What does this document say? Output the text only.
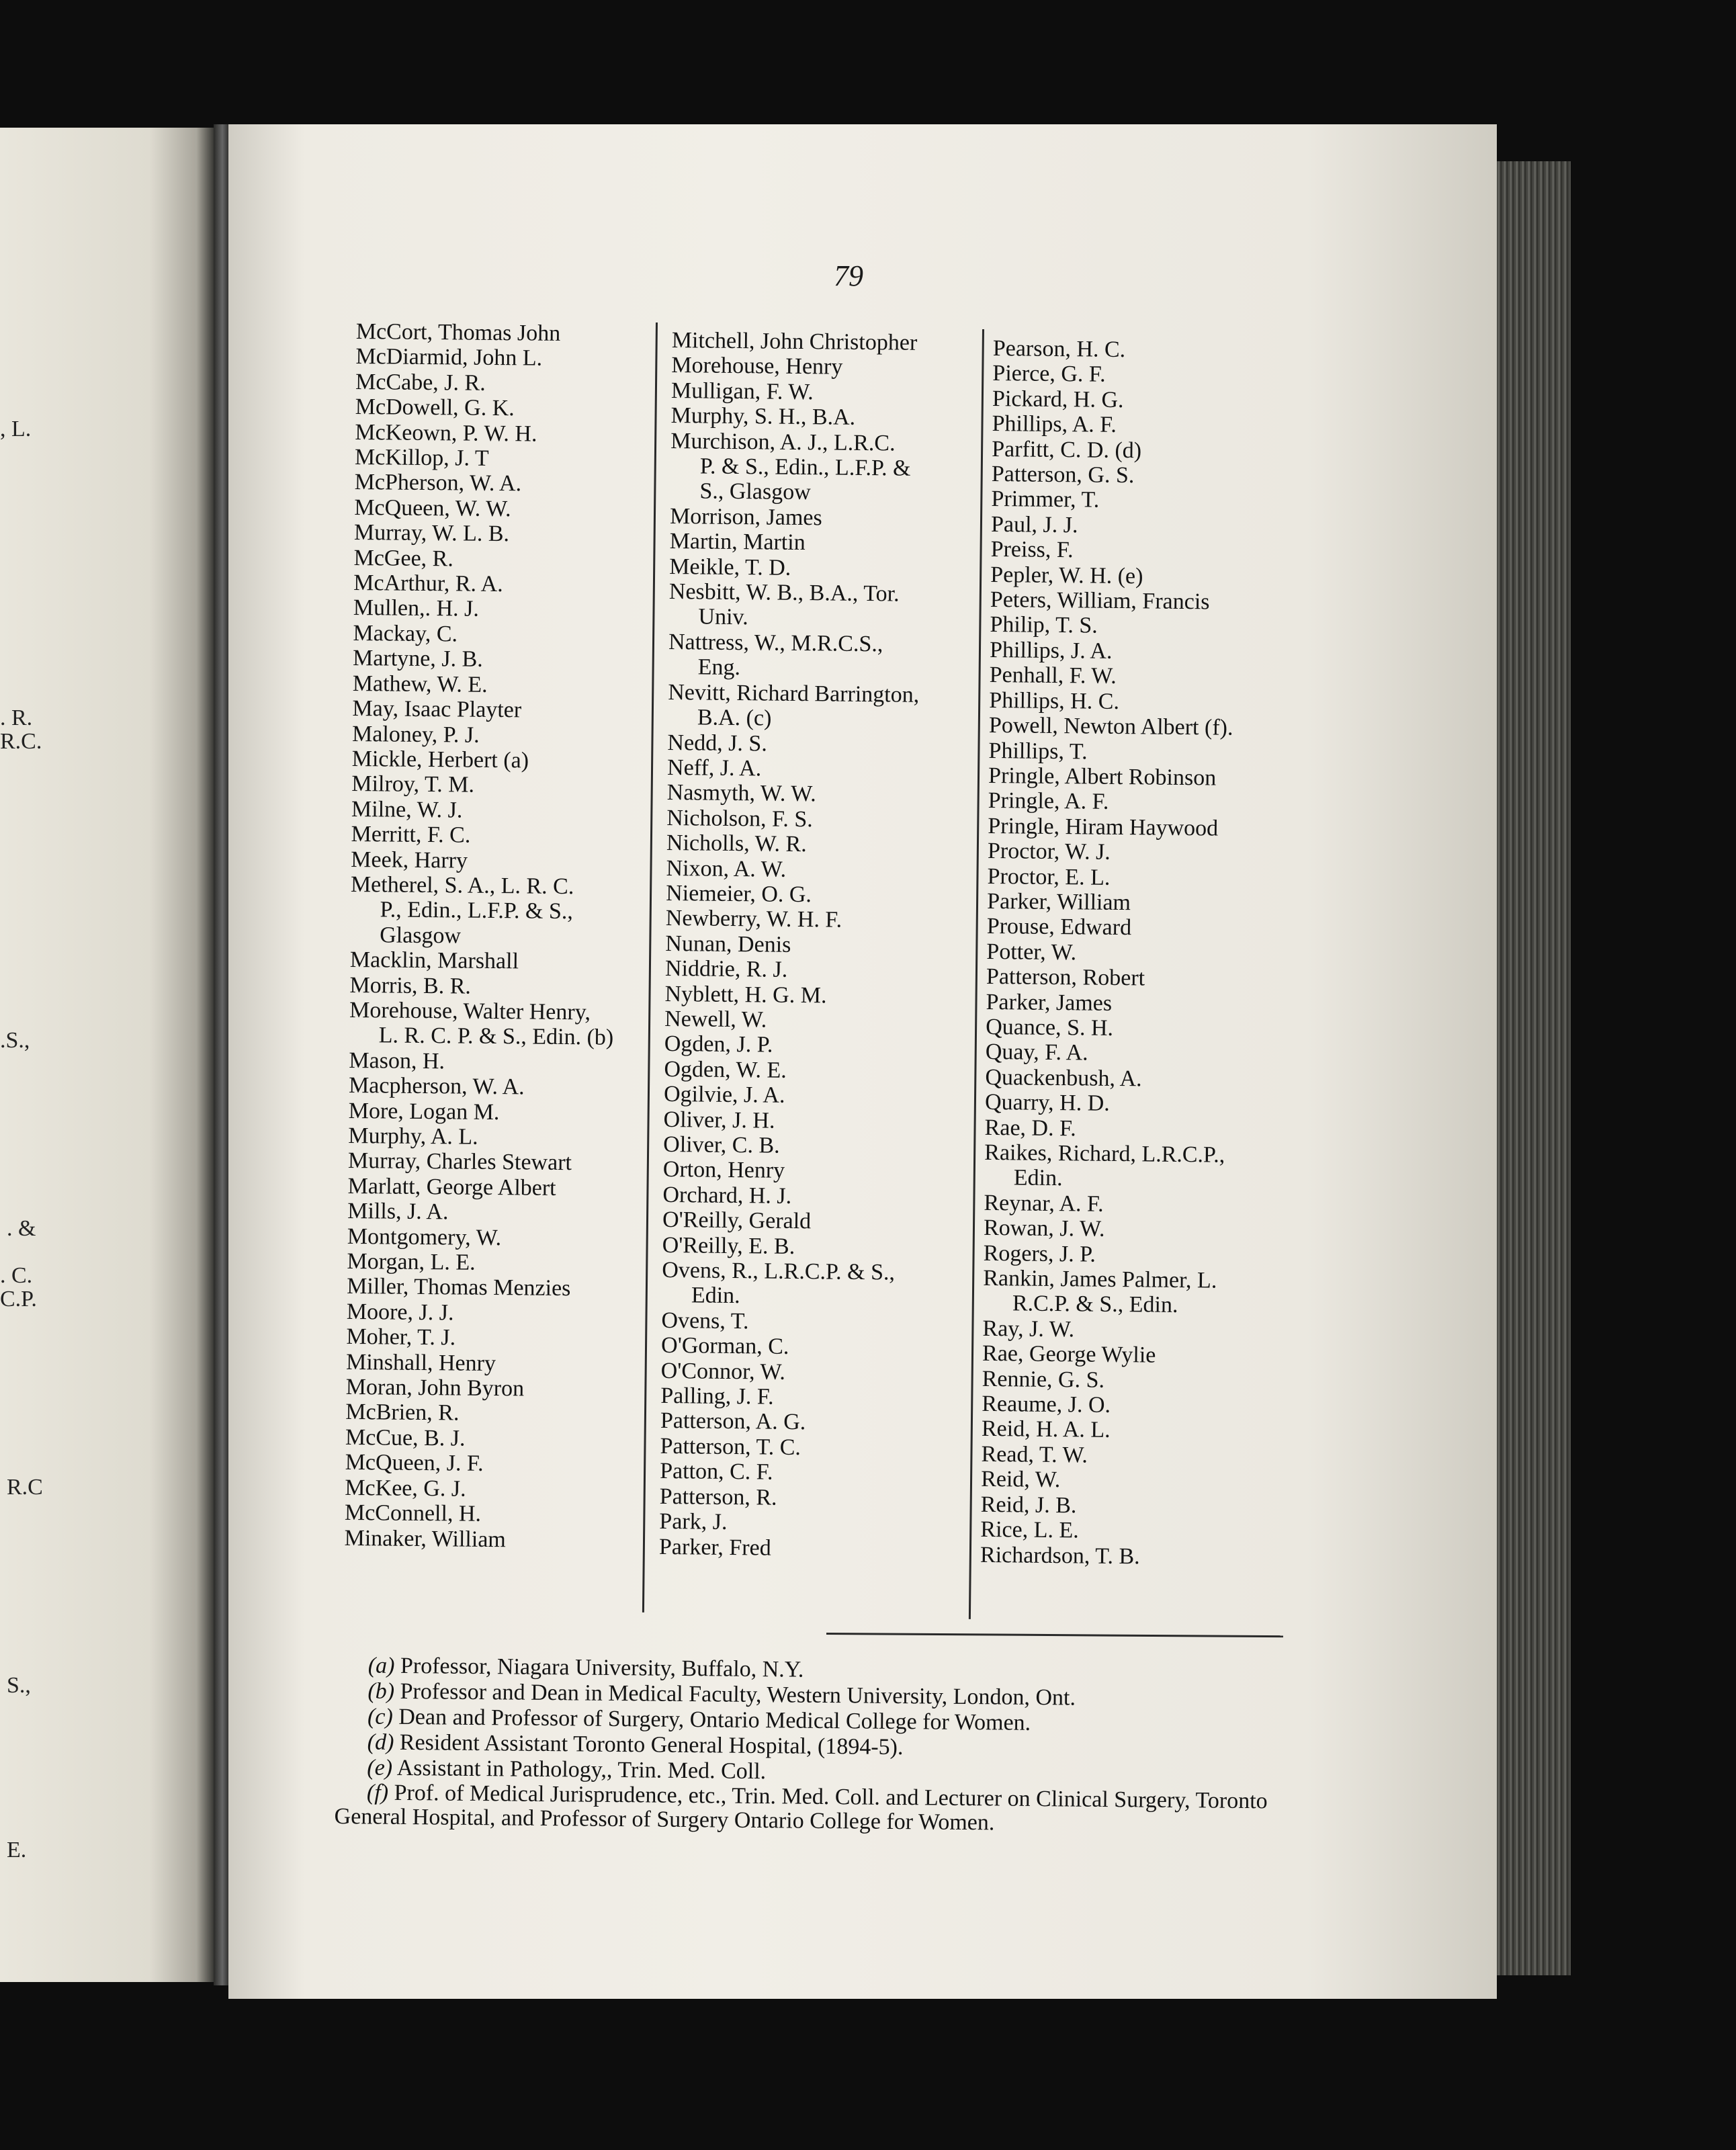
, L.
. R.
R.C.
.S.,
. &
. C.
C.P.
R.C
S.,
E.
79
McCort, Thomas John
McDiarmid, John L.
McCabe, J. R.
McDowell, G. K.
McKeown, P. W. H.
McKillop, J. T
McPherson, W. A.
McQueen, W. W.
Murray, W. L. B.
McGee, R.
McArthur, R. A.
Mullen,. H. J.
Mackay, C.
Martyne, J. B.
Mathew, W. E.
May, Isaac Playter
Maloney, P. J.
Mickle, Herbert (a)
Milroy, T. M.
Milne, W. J.
Merritt, F. C.
Meek, Harry
Metherel, S. A., L. R. C.
P., Edin., L.F.P. & S.,
Glasgow
Macklin, Marshall
Morris, B. R.
Morehouse, Walter Henry,
L. R. C. P. & S., Edin. (b)
Mason, H.
Macpherson, W. A.
More, Logan M.
Murphy, A. L.
Murray, Charles Stewart
Marlatt, George Albert
Mills, J. A.
Montgomery, W.
Morgan, L. E.
Miller, Thomas Menzies
Moore, J. J.
Moher, T. J.
Minshall, Henry
Moran, John Byron
McBrien, R.
McCue, B. J.
McQueen, J. F.
McKee, G. J.
McConnell, H.
Minaker, William
Mitchell, John Christopher
Morehouse, Henry
Mulligan, F. W.
Murphy, S. H., B.A.
Murchison, A. J., L.R.C.
P. & S., Edin., L.F.P. &
S., Glasgow
Morrison, James
Martin, Martin
Meikle, T. D.
Nesbitt, W. B., B.A., Tor.
Univ.
Nattress, W., M.R.C.S.,
Eng.
Nevitt, Richard Barrington,
B.A. (c)
Nedd, J. S.
Neff, J. A.
Nasmyth, W. W.
Nicholson, F. S.
Nicholls, W. R.
Nixon, A. W.
Niemeier, O. G.
Newberry, W. H. F.
Nunan, Denis
Niddrie, R. J.
Nyblett, H. G. M.
Newell, W.
Ogden, J. P.
Ogden, W. E.
Ogilvie, J. A.
Oliver, J. H.
Oliver, C. B.
Orton, Henry
Orchard, H. J.
O'Reilly, Gerald
O'Reilly, E. B.
Ovens, R., L.R.C.P. & S.,
Edin.
Ovens, T.
O'Gorman, C.
O'Connor, W.
Palling, J. F.
Patterson, A. G.
Patterson, T. C.
Patton, C. F.
Patterson, R.
Park, J.
Parker, Fred
Pearson, H. C.
Pierce, G. F.
Pickard, H. G.
Phillips, A. F.
Parfitt, C. D. (d)
Patterson, G. S.
Primmer, T.
Paul, J. J.
Preiss, F.
Pepler, W. H. (e)
Peters, William, Francis
Philip, T. S.
Phillips, J. A.
Penhall, F. W.
Phillips, H. C.
Powell, Newton Albert (f).
Phillips, T.
Pringle, Albert Robinson
Pringle, A. F.
Pringle, Hiram Haywood
Proctor, W. J.
Proctor, E. L.
Parker, William
Prouse, Edward
Potter, W.
Patterson, Robert
Parker, James
Quance, S. H.
Quay, F. A.
Quackenbush, A.
Quarry, H. D.
Rae, D. F.
Raikes, Richard, L.R.C.P.,
Edin.
Reynar, A. F.
Rowan, J. W.
Rogers, J. P.
Rankin, James Palmer, L.
R.C.P. & S., Edin.
Ray, J. W.
Rae, George Wylie
Rennie, G. S.
Reaume, J. O.
Reid, H. A. L.
Read, T. W.
Reid, W.
Reid, J. B.
Rice, L. E.
Richardson, T. B.
(a) Professor, Niagara University, Buffalo, N.Y.
(b) Professor and Dean in Medical Faculty, Western University, London, Ont.
(c) Dean and Professor of Surgery, Ontario Medical College for Women.
(d) Resident Assistant Toronto General Hospital, (1894-5).
(e) Assistant in Pathology,, Trin. Med. Coll.
(f) Prof. of Medical Jurisprudence, etc., Trin. Med. Coll. and Lecturer on Clinical Surgery, Toronto General Hospital, and Professor of Surgery Ontario College for Women.
